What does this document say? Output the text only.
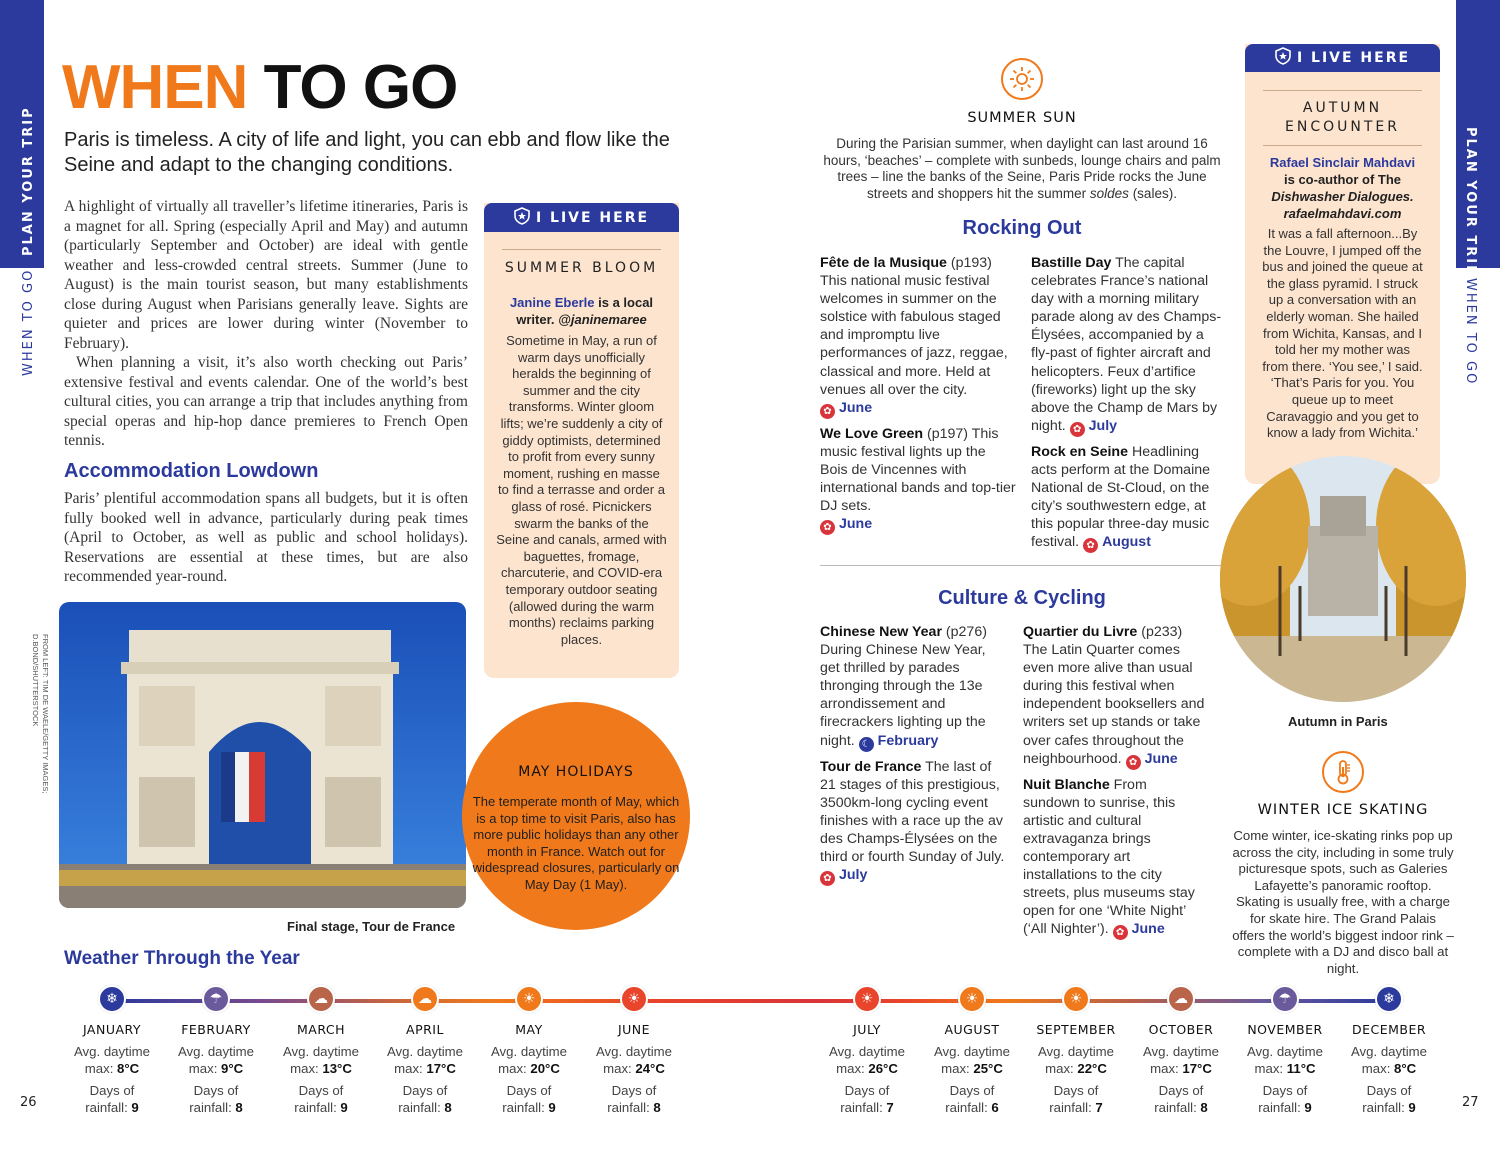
PLAN YOUR TRIP
WHEN TO GO
PLAN YOUR TRIP
WHEN TO GO
26	27
WHEN TO GO
Paris is timeless. A city of life and light, you can ebb and flow like the Seine and adapt to the changing conditions.

A highlight of virtually all traveller’s lifetime itineraries, Paris is a magnet for all. Spring (especially April and May) and autumn (particularly September and October) are ideal with gentle weather and less-crowded central streets. Summer (June to August) is the main tourist season, but many establishments close during August when Parisians generally leave. Sights are quieter and prices are lower during winter (November to February).

When planning a visit, it’s also worth checking out Paris’ extensive festival and events calendar. One of the world’s best cultural cities, you can arrange a trip that includes anything from special operas and hip-hop dance premieres to French Open tennis.

Accommodation Lowdown
Paris’ plentiful accommodation spans all budgets, but it is often fully booked well in advance, particularly during peak times (April to October, as well as public and school holidays). Reservations are essential at these times, but are also recommended year-round.
I LIVE HERE
SUMMER BLOOM
Janine Eberle is a local writer. @janinemaree
Sometime in May, a run of warm days unofficially heralds the beginning of summer and the city transforms. Winter gloom lifts; we’re suddenly a city of giddy optimists, determined to profit from every sunny moment, rushing en masse to find a terrasse and order a glass of rosé. Picnickers swarm the banks of the Seine and canals, armed with baguettes, fromage, charcuterie, and COVID-era temporary outdoor seating (allowed during the warm months) reclaims parking places.
Final stage, Tour de France
FROM LEFT: TIM DE WAELE/GETTY IMAGES;
D.BOND/SHUTTERSTOCK
MAY HOLIDAYS
The temperate month of May, which is a top time to visit Paris, also has more public holidays than any other month in France. Watch out for widespread closures, particularly on May Day (1 May).
SUMMER SUN
During the Parisian summer, when daylight can last around 16 hours, ‘beaches’ – complete with sunbeds, lounge chairs and palm trees – line the banks of the Seine, Paris Pride rocks the June streets and shoppers hit the summer soldes (sales).
Rocking Out
Fête de la Musique (p193) This national music festival welcomes in summer on the solstice with fabulous staged and impromptu live performances of jazz, reggae, classical and more. Held at venues all over the city.
✿ June
We Love Green (p197) This music festival lights up the Bois de Vincennes with international bands and top-tier DJ sets.
✿ June
Bastille Day The capital celebrates France’s national day with a morning military parade along av des Champs-Élysées, accompanied by a fly-past of fighter aircraft and helicopters. Feux d’artifice (fireworks) light up the sky above the Champ de Mars by night. ✿ July
Rock en Seine Headlining acts perform at the Domaine National de St-Cloud, on the city’s southwestern edge, at this popular three-day music festival. ✿ August
Culture & Cycling
Chinese New Year (p276) During Chinese New Year, get thrilled by parades thronging through the 13e arrondissement and firecrackers lighting up the night. ☾ February
Tour de France The last of 21 stages of this prestigious, 3500km-long cycling event finishes with a race up the av des Champs-Élysées on the third or fourth Sunday of July.
✿ July
Quartier du Livre (p233) The Latin Quarter comes even more alive than usual during this festival when independent booksellers and writers set up stands or take over cafes throughout the neighbourhood. ✿ June
Nuit Blanche From sundown to sunrise, this artistic and cultural extravaganza brings contemporary art installations to the city streets, plus museums stay open for one ‘White Night’ (‘All Nighter’). ✿ June
I LIVE HERE
AUTUMN
ENCOUNTER
Rafael Sinclair Mahdavi
is co-author of The
Dishwasher Dialogues.
rafaelmahdavi.com
It was a fall afternoon...By the Louvre, I jumped off the bus and joined the queue at the glass pyramid. I struck up a conversation with an elderly woman. She hailed from Wichita, Kansas, and I told her my mother was from there. ‘You see,’ I said. ‘That’s Paris for you. You queue up to meet Caravaggio and you get to know a lady from Wichita.’
Autumn in Paris
WINTER ICE SKATING
Come winter, ice-skating rinks pop up across the city, including in some truly picturesque spots, such as Galeries Lafayette’s panoramic rooftop. Skating is usually free, with a charge for skate hire. The Grand Palais offers the world’s biggest indoor rink – complete with a DJ and disco ball at night.
Weather Through the Year
❄
JANUARY
Avg. daytime
max: 8°C
Days of
rainfall: 9
☂
FEBRUARY
Avg. daytime
max: 9°C
Days of
rainfall: 8
☁
MARCH
Avg. daytime
max: 13°C
Days of
rainfall: 9
☁
APRIL
Avg. daytime
max: 17°C
Days of
rainfall: 8
☀
MAY
Avg. daytime
max: 20°C
Days of
rainfall: 9
☀
JUNE
Avg. daytime
max: 24°C
Days of
rainfall: 8
☀
JULY
Avg. daytime
max: 26°C
Days of
rainfall: 7
☀
AUGUST
Avg. daytime
max: 25°C
Days of
rainfall: 6
☀
SEPTEMBER
Avg. daytime
max: 22°C
Days of
rainfall: 7
☁
OCTOBER
Avg. daytime
max: 17°C
Days of
rainfall: 8
☂
NOVEMBER
Avg. daytime
max: 11°C
Days of
rainfall: 9
❄
DECEMBER
Avg. daytime
max: 8°C
Days of
rainfall: 9
